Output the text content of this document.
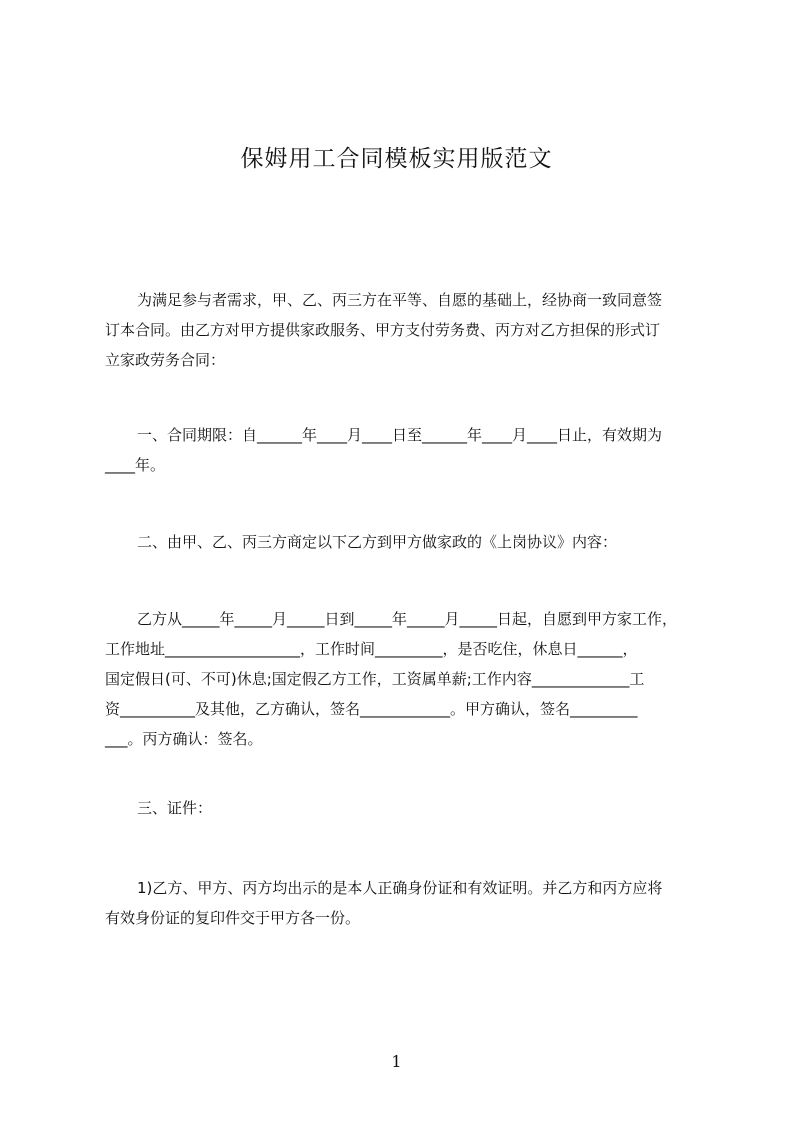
保姆用工合同模板实用版范文

为满足参与者需求，甲、乙、丙三方在平等、自愿的基础上，经协商一致同意签
订本合同。由乙方对甲方提供家政服务、甲方支付劳务费、丙方对乙方担保的形式订
立家政劳务合同：

一、合同期限：自______年____月____日至______年____月____日止，有效期为
____年。

二、由甲、乙、丙三方商定以下乙方到甲方做家政的《上岗协议》内容：

乙方从_____年_____月_____日到_____年_____月_____日起，自愿到甲方家工作，
工作地址__________________，工作时间_________，是否吃住，休息日______，
国定假日(可、不可)休息;国定假乙方工作，工资属单薪;工作内容_____________工
资__________及其他，乙方确认，签名____________。甲方确认，签名_________
___。丙方确认：签名。

三、证件：

1)乙方、甲方、丙方均出示的是本人正确身份证和有效证明。并乙方和丙方应将
有效身份证的复印件交于甲方各一份。

1
